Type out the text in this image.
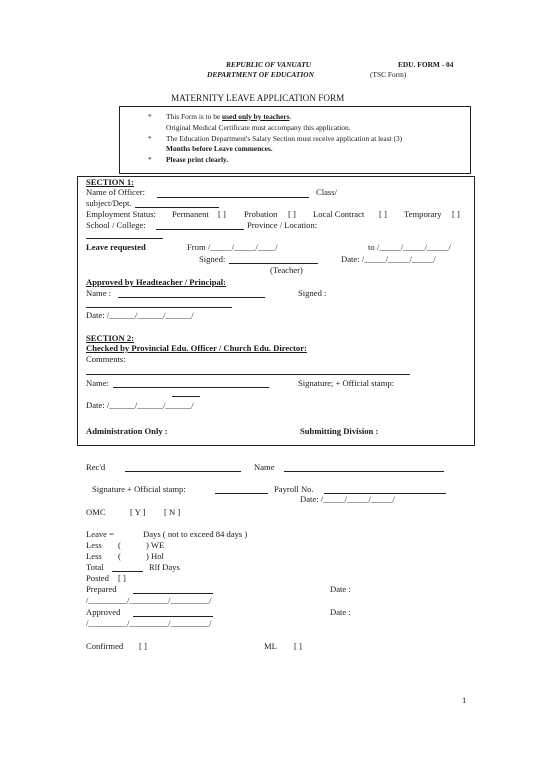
REPUBLIC OF VANUATU	EDU. FORM - 04
DEPARTMENT OF EDUCATION	(TSC Form)
MATERNITY LEAVE APPLICATION FORM
* This Form is to be used only by teachers.
Original Medical Certificate must accompany this application.
* The Education Department's Salary Section must receive application at least (3)
Months before Leave commences.
* Please print clearly.
SECTION 1:
Name of Officer:	Class/
subject/Dept.
Employment Status: Permanent [ ] Probation [ ] Local Contract [ ] Temporary [ ]
School / College:	Province / Location:
Leave requested	From /_____/_____/____/	to /_____/_____/_____/
Signed:	Date: /_____/_____/_____/
(Teacher)
Approved by Headteacher / Principal:
Name :	Signed :
Date: /______/______/______/
SECTION 2:
Checked by Provincial Edu. Officer / Church Edu. Director:
Comments:
Name:	Signature; + Official stamp:
Date: /______/______/______/
Administration Only :	Submitting Division :
Rec'd	Name
Signature + Official stamp:	Payroll No.
Date: /_____/_____/_____/
OMC	[ Y ] [ N ]
Leave =	Days ( not to exceed 84 days )
Less (	) WE
Less (	) Hol
Total	Rlf Days
Posted [ ]
Prepared	Date :
/_________/_________/_________/
Approved	Date :
/_________/_________/_________/
Confirmed [ ]	ML [ ]
1
